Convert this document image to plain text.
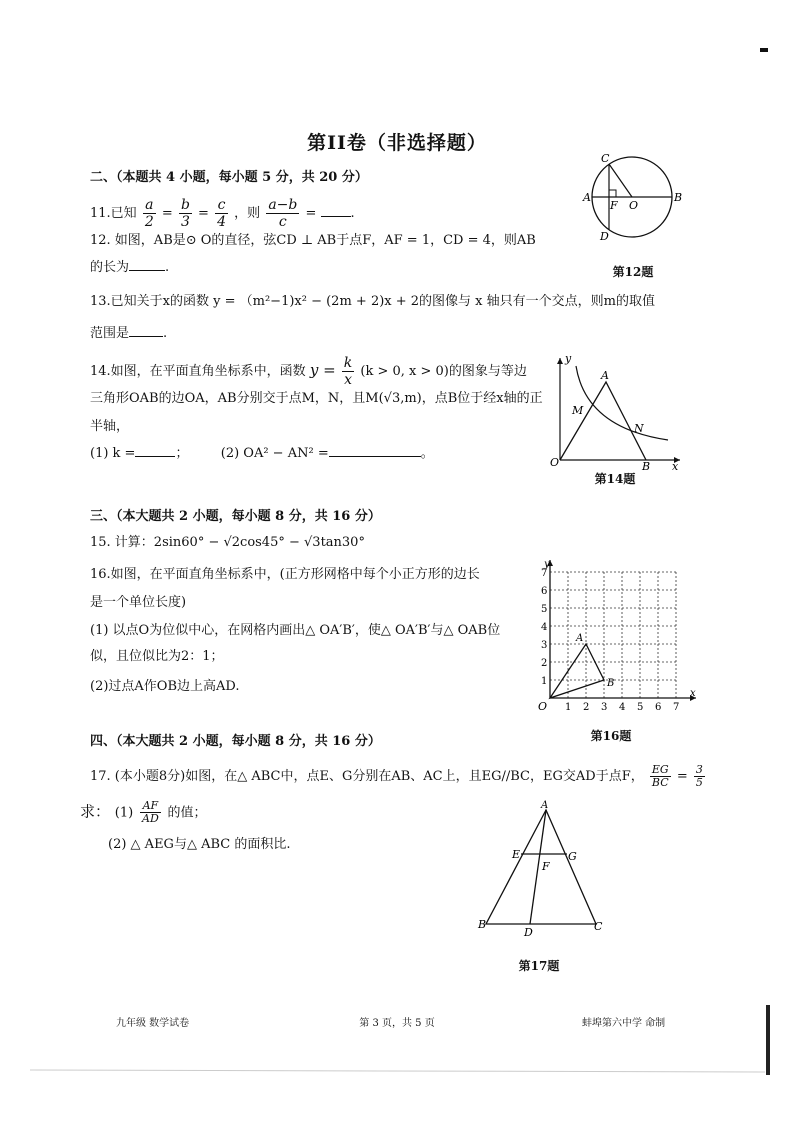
第II卷（非选择题）
二、（本题共 4 小题，每小题 5 分，共 20 分）
11.已知 $\frac{a}{2} = \frac{b}{3} = \frac{c}{4}$ ，则 $\frac{a-b}{c}$ =	.
12. 如图，AB是⊙ O的直径，弦CD ⊥ AB于点F，AF = 1，CD = 4，则AB
的长为	.
C
A
F O
B
D
第12题
13.已知关于x的函数 y = （m²−1)x² − (2m + 2)x + 2的图像与 x 轴只有一个交点，则m的取值
范围是	.
14.如图，在平面直角坐标系中，函数 $y = \frac{k}{x} (k > 0$, x > 0)的图象与等边
三角形OAB的边OA，AB分别交于点M，N，且M(√3,m)，点B位于经x轴的正
半轴，
(1) k =	； (2) OA² − AN² =	。
y
x
A
M
N
O	B
第14题
三、（本大题共 2 小题，每小题 8 分，共 16 分）
15. 计算：2sin60° − √2cos45° − √3tan30°
16.如图，在平面直角坐标系中，(正方形网格中每个小正方形的边长
是一个单位长度)
(1) 以点O为位似中心，在网格内画出△ OA′B′，使△ OA′B′与△ OAB位
似，且位似比为2：1；
(2)过点A作OB边上高AD.
1 2 3 4 5 6 7
1
2
3
4
5
6
7
y
x
O
A
B
第16题
四、（本大题共 2 小题，每小题 8 分，共 16 分）
17. (本小题8分)如图，在△ ABC中，点E、G分别在AB、AC上，且EG//BC，EG交AD于点F， $\frac{EG}{BC} = \frac{3}{5}$
求： $(1) \frac{AF}{AD}$ 的值；
(2) △ AEG与△ ABC 的面积比.
A
E	G
F
B
D	C
第17题
九年级 数学试卷	第 3 页，共 5 页	蚌埠第六中学 命制
